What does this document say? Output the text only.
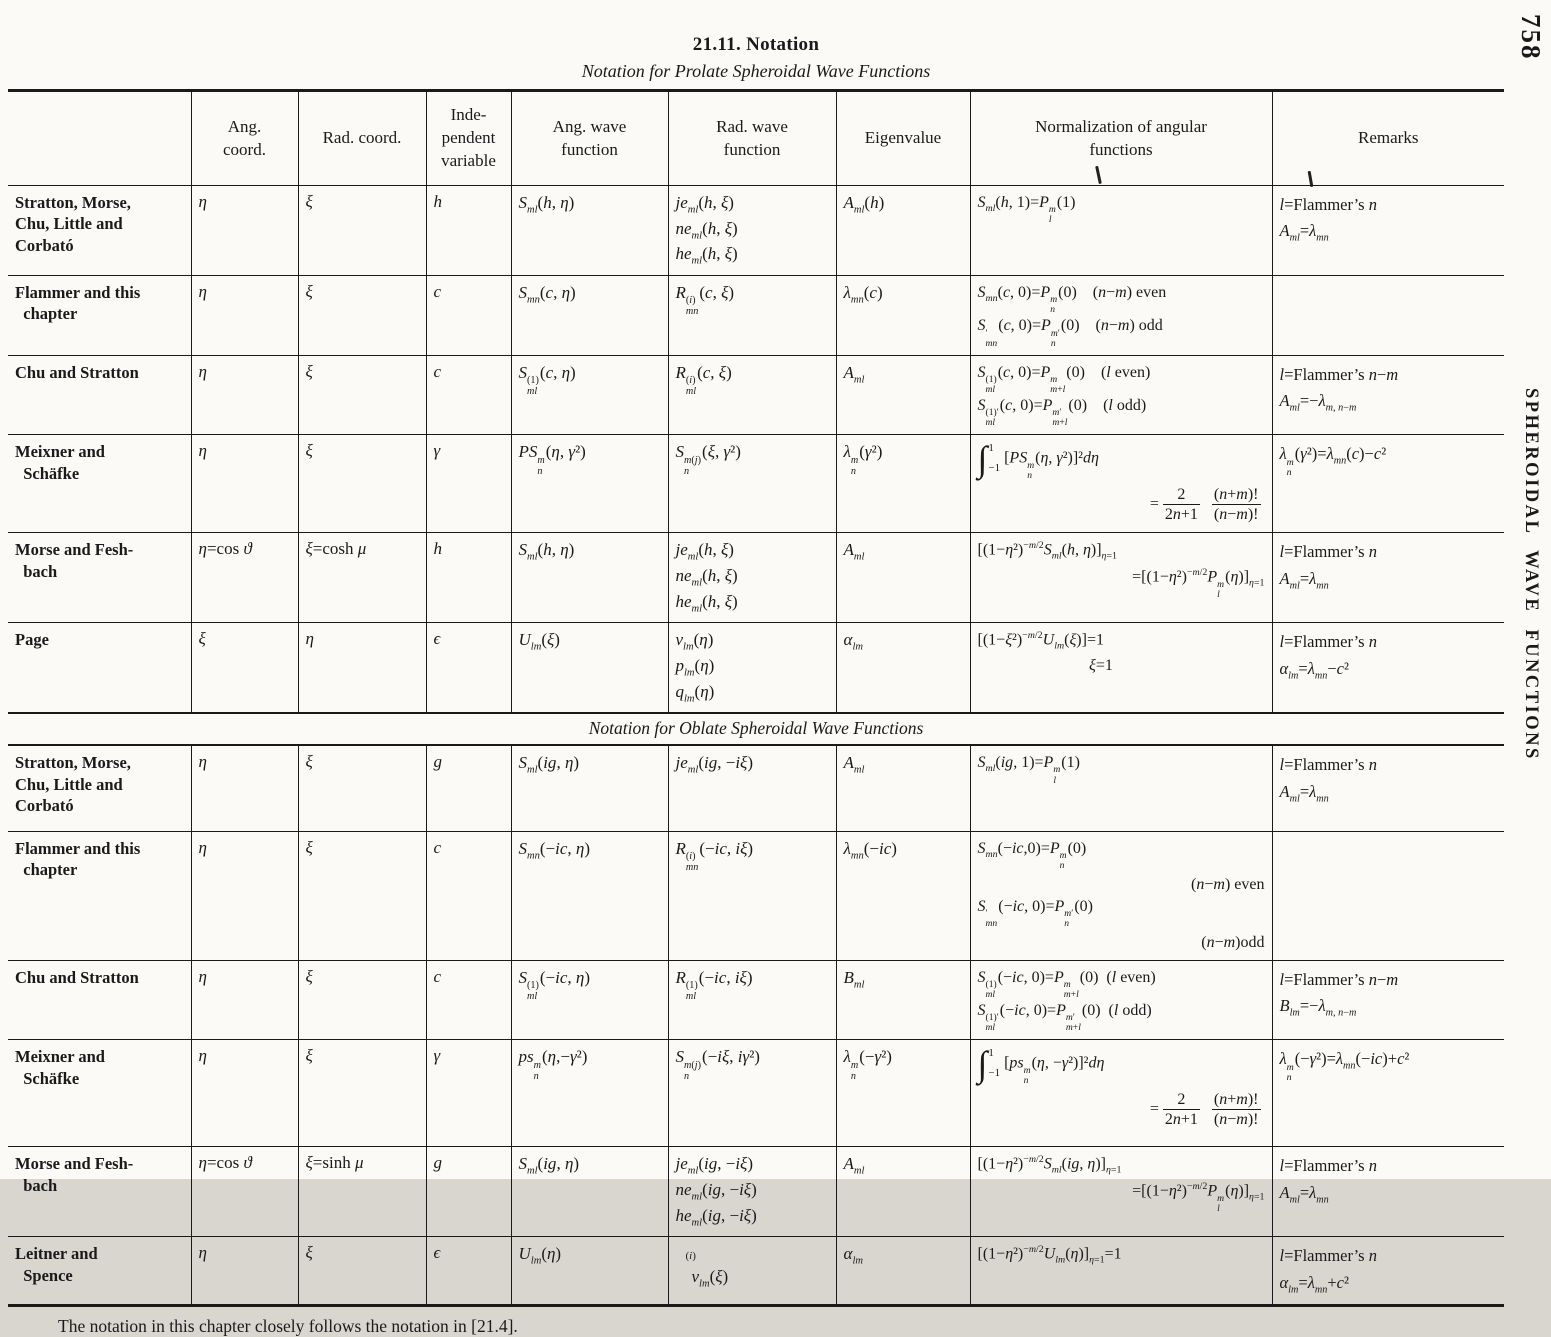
758
SPHEROIDAL WAVE FUNCTIONS
21.11. Notation
Notation for Prolate Spheroidal Wave Functions
	Ang.
coord.	Rad. coord.	Inde-
pendent
variable	Ang. wave
function	Rad. wave
function	Eigenvalue	Normalization of angular
functions	Remarks
Stratton, Morse,
Chu, Little and
Corbató	η	ξ	h	$S_{ml}(h$, η)	$je_{ml}(h$, ξ)
$ne_{ml}(h$, ξ)
$he_{ml}(h$, ξ)	$A_{ml}(h)$	$S_{ml}(h$, 1)=P m
l
(1)	l=Flammer’s n
$A_{ml}=\lambda_{mn}$
Flammer and this
chapter	η	ξ	c	$S_{mn}(c$, η)	R (i)
mn
(c, ξ)	$\lambda_{mn}(c)$	$S_{mn}(c$, 0)=P m
n
(0)  (n−m) even
S ′
mn
(c, 0)=P m′
n
(0)  (n−m) odd	
Chu and Stratton	η	ξ	c	S (1)
ml
(c, η)	R (i)
ml
(c, ξ)	$A_{ml}$	S (1)
ml
(c, 0)=P m
m+l
(0) (l even)
S (1)′
ml
(c, 0)=P m′
m+l
(0) (l odd)	l=Flammer’s n−m
$A_{ml}=-\lambda_{m, n-m}$
Meixner and
Schäfke	η	ξ	γ	PS m
n
(η, γ²)	S m(j)
n
(ξ, γ²)	λ m
n
(γ²)	∫ 1
−1
[PS m
n
(η, γ²)]²dη
= $\frac{2}{2n+1}$
$\frac{(n+m)!}{(n-m)!}$
	λ m
n
$(\gamma^2)=\lambda_{mn}(c)-c^2$
Morse and Fesh-
bach	η=cos ϑ	ξ=cosh μ	h	$S_{ml}(h$, η)	$je_{ml}(h$, ξ)
$ne_{ml}(h$, ξ)
$he_{ml}(h$, ξ)	$A_{ml}$	[$(1-\eta^2)^{-m/2}S_{ml}(h$, $\eta)]_{\eta=1}$
$=[(1-\eta^2)^{-m/2}P$ m
l
$(\eta)]_{\eta=1}$	l=Flammer’s n
$A_{ml}=\lambda_{mn}$
Page	ξ	η	ϵ	$U_{lm}(\xi)$	$v_{lm}(\eta)$
$p_{lm}(\eta)$
$q_{lm}(\eta)$	$\alpha_{lm}$	$[(1-\xi^2)^{-m/2}U_{lm}(\xi)]=1$
ξ=1	l=Flammer’s n
$\alpha_{lm}=\lambda_{mn}-c^2$
Notation for Oblate Spheroidal Wave Functions								
Stratton, Morse,
Chu, Little and
Corbató	η	ξ	g	$S_{ml}(ig$, η)	$je_{ml}(ig$, −iξ)	$A_{ml}$	$S_{ml}(ig$, 1)=P m
l
(1)	l=Flammer’s n
$A_{ml}=\lambda_{mn}$
Flammer and this
chapter	η	ξ	c	$S_{mn}(-ic$, η)	R (i)
mn
(−ic, iξ)	$\lambda_{mn}(-ic)$	$S_{mn}(-ic,0)=P$ m
n
(0)
(n−m) even
S ′
mn
(−ic, 0)=P m′
n
(0)
(n−m)odd

Chu and Stratton	η	ξ	c	S (1)
ml
(−ic, η)	R (1)
ml
(−ic, iξ)	$B_{ml}$	S (1)
ml
(−ic, 0)=P m
m+l
(0) (l even)
S (1)′
ml
(−ic, 0)=P m′
m+l
(0) (l odd)	l=Flammer’s n−m
$B_{lm}=-\lambda_{m, n-m}$
Meixner and
Schäfke	η	ξ	γ	ps m
n
(η,−γ²)	S m(j)
n
(−iξ, iγ²)	λ m
n
(−γ²)	∫ 1
−1
[ps m
n
(η, −γ²)]²dη
= $\frac{2}{2n+1}$
$\frac{(n+m)!}{(n-m)!}$
	λ m
n
$(-\gamma^2)=\lambda_{mn}(-ic)+c^2$
Morse and Fesh-
bach	η=cos ϑ	ξ=sinh μ	g	$S_{ml}(ig$, η)	$je_{ml}(ig$, −iξ)
$ne_{ml}(ig$, −iξ)
$he_{ml}(ig$, −iξ)	$A_{ml}$	[$(1-\eta^2)^{-m/2}S_{ml}(ig$, $\eta)]_{\eta=1}$
$=[(1-\eta^2)^{-m/2}P$ m
l
$(\eta)]_{\eta=1}$	l=Flammer’s n
$A_{ml}=\lambda_{mn}$
Leitner and
Spence	η	ξ	ϵ	$U_{lm}(\eta)$	(i)
$v_{lm}(\xi)$	$\alpha_{lm}$	$[(1-\eta^2)^{-m/2}U_{lm}(\eta)]_{\eta=1}=1$	l=Flammer’s n
$\alpha_{lm}=\lambda_{mn}+c^2$
The notation in this chapter closely follows the notation in [21.4].
